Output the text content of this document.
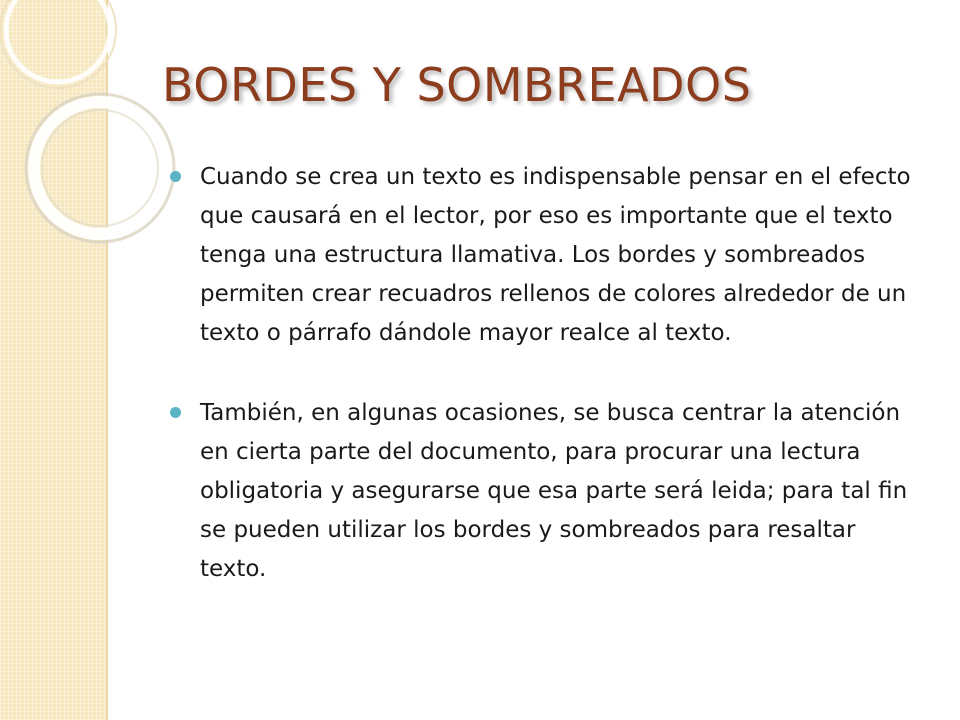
BORDES Y SOMBREADOS

Cuando se crea un texto es indispensable pensar en el efecto que causará en el lector, por eso es importante que el texto tenga una estructura llamativa. Los bordes y sombreados permiten crear recuadros rellenos de colores alrededor de un texto o párrafo dándole mayor realce al texto.

También, en algunas ocasiones, se busca centrar la atención en cierta parte del documento, para procurar una lectura obligatoria y asegurarse que esa parte será leida; para tal fin se pueden utilizar los bordes y sombreados para resaltar texto.
